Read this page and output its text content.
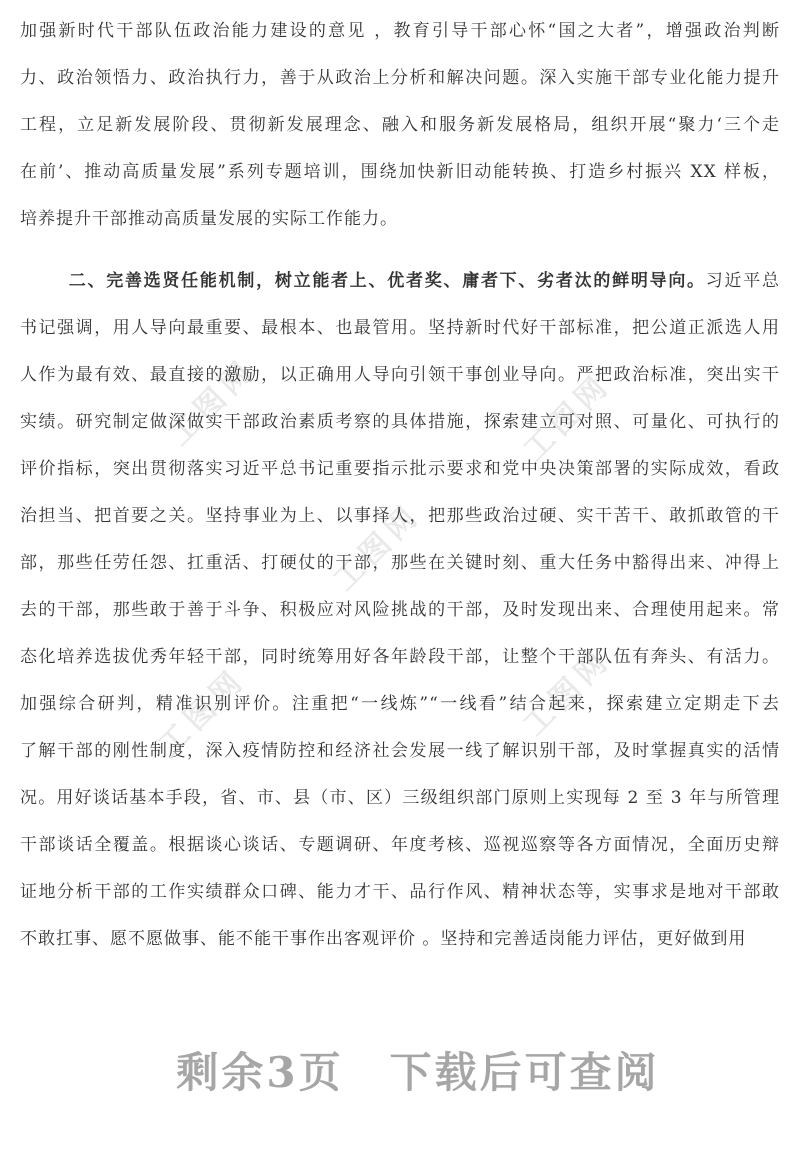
工图网	工图网
工图网
工图网	工图网
加强新时代干部队伍政治能力建设的意见 ，教育引导干部心怀“国之大者”，增强政治判断
力、政治领悟力、政治执行力，善于从政治上分析和解决问题。深入实施干部专业化能力提升
工程，立足新发展阶段、贯彻新发展理念、融入和服务新发展格局，组织开展“聚力‘三个走
在前’、推动高质量发展”系列专题培训，围绕加快新旧动能转换、打造乡村振兴 XX 样板，
培养提升干部推动高质量发展的实际工作能力。
二、完善选贤任能机制，树立能者上、优者奖、庸者下、劣者汰的鲜明导向。习近平总
书记强调，用人导向最重要、最根本、也最管用。坚持新时代好干部标准，把公道正派选人用
人作为最有效、最直接的激励，以正确用人导向引领干事创业导向。严把政治标准，突出实干
实绩。研究制定做深做实干部政治素质考察的具体措施，探索建立可对照、可量化、可执行的
评价指标，突出贯彻落实习近平总书记重要指示批示要求和党中央决策部署的实际成效，看政
治担当、把首要之关。坚持事业为上、以事择人，把那些政治过硬、实干苦干、敢抓敢管的干
部，那些任劳任怨、扛重活、打硬仗的干部，那些在关键时刻、重大任务中豁得出来、冲得上
去的干部，那些敢于善于斗争、积极应对风险挑战的干部，及时发现出来、合理使用起来。常
态化培养选拔优秀年轻干部，同时统筹用好各年龄段干部，让整个干部队伍有奔头、有活力。
加强综合研判，精准识别评价。注重把“一线炼”“一线看”结合起来，探索建立定期走下去
了解干部的刚性制度，深入疫情防控和经济社会发展一线了解识别干部，及时掌握真实的活情
况。用好谈话基本手段，省、市、县（市、区）三级组织部门原则上实现每 2 至 3 年与所管理
干部谈话全覆盖。根据谈心谈话、专题调研、年度考核、巡视巡察等各方面情况，全面历史辩
证地分析干部的工作实绩群众口碑、能力才干、品行作风、精神状态等，实事求是地对干部敢
不敢扛事、愿不愿做事、能不能干事作出客观评价 。坚持和完善适岗能力评估，更好做到用
剩余3页 下载后可查阅
